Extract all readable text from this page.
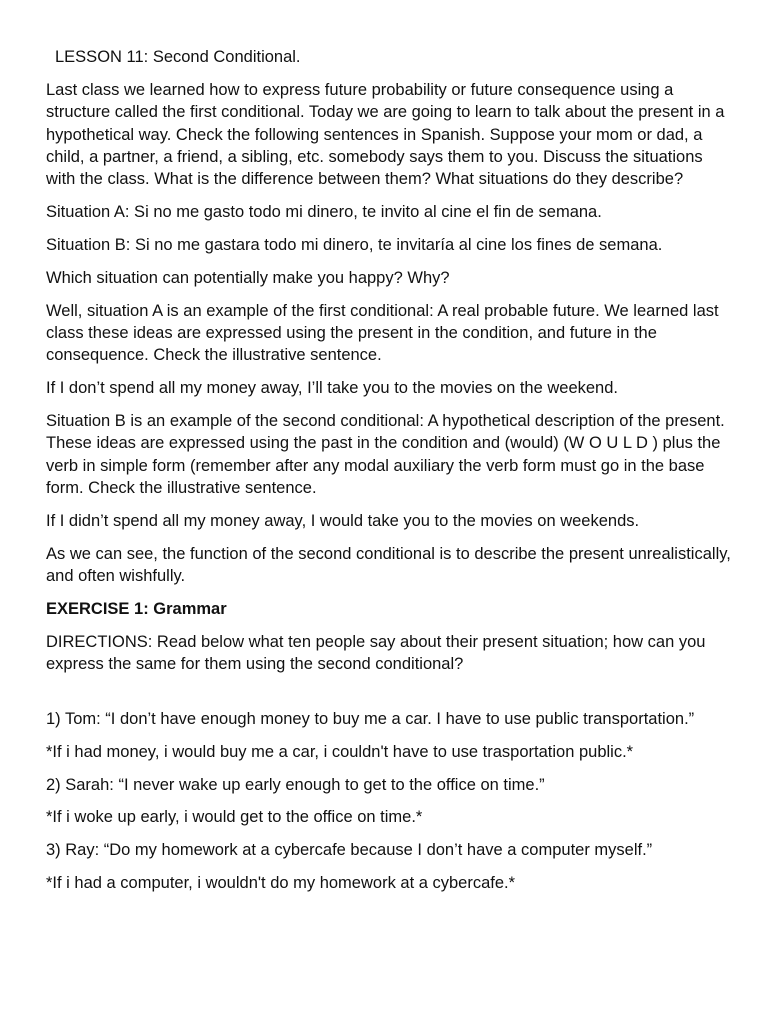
LESSON 11: Second Conditional.

Last class we learned how to express future probability or future consequence using a structure called the first conditional. Today we are going to learn to talk about the present in a hypothetical way. Check the following sentences in Spanish. Suppose your mom or dad, a child, a partner, a friend, a sibling, etc. somebody says them to you. Discuss the situations with the class. What is the difference between them? What situations do they describe?

Situation A: Si no me gasto todo mi dinero, te invito al cine el fin de semana.

Situation B: Si no me gastara todo mi dinero, te invitaría al cine los fines de semana.

Which situation can potentially make you happy? Why?

Well, situation A is an example of the first conditional: A real probable future. We learned last class these ideas are expressed using the present in the condition, and future in the consequence. Check the illustrative sentence.

If I don’t spend all my money away, I’ll take you to the movies on the weekend.

Situation B is an example of the second conditional: A hypothetical description of the present. These ideas are expressed using the past in the condition and (would) (W O U L D ) plus the verb in simple form (remember after any modal auxiliary the verb form must go in the base form. Check the illustrative sentence.

If I didn’t spend all my money away, I would take you to the movies on weekends.

As we can see, the function of the second conditional is to describe the present unrealistically, and often wishfully.

EXERCISE 1: Grammar

DIRECTIONS: Read below what ten people say about their present situation; how can you express the same for them using the second conditional?

1) Tom: “I don’t have enough money to buy me a car. I have to use public transportation.”

*If i had money, i would buy me a car, i couldn't have to use trasportation public.*

2) Sarah: “I never wake up early enough to get to the office on time.”

*If i woke up early, i would get to the office on time.*

3) Ray: “Do my homework at a cybercafe because I don’t have a computer myself.”

*If i had a computer, i wouldn't do my homework at a cybercafe.*
